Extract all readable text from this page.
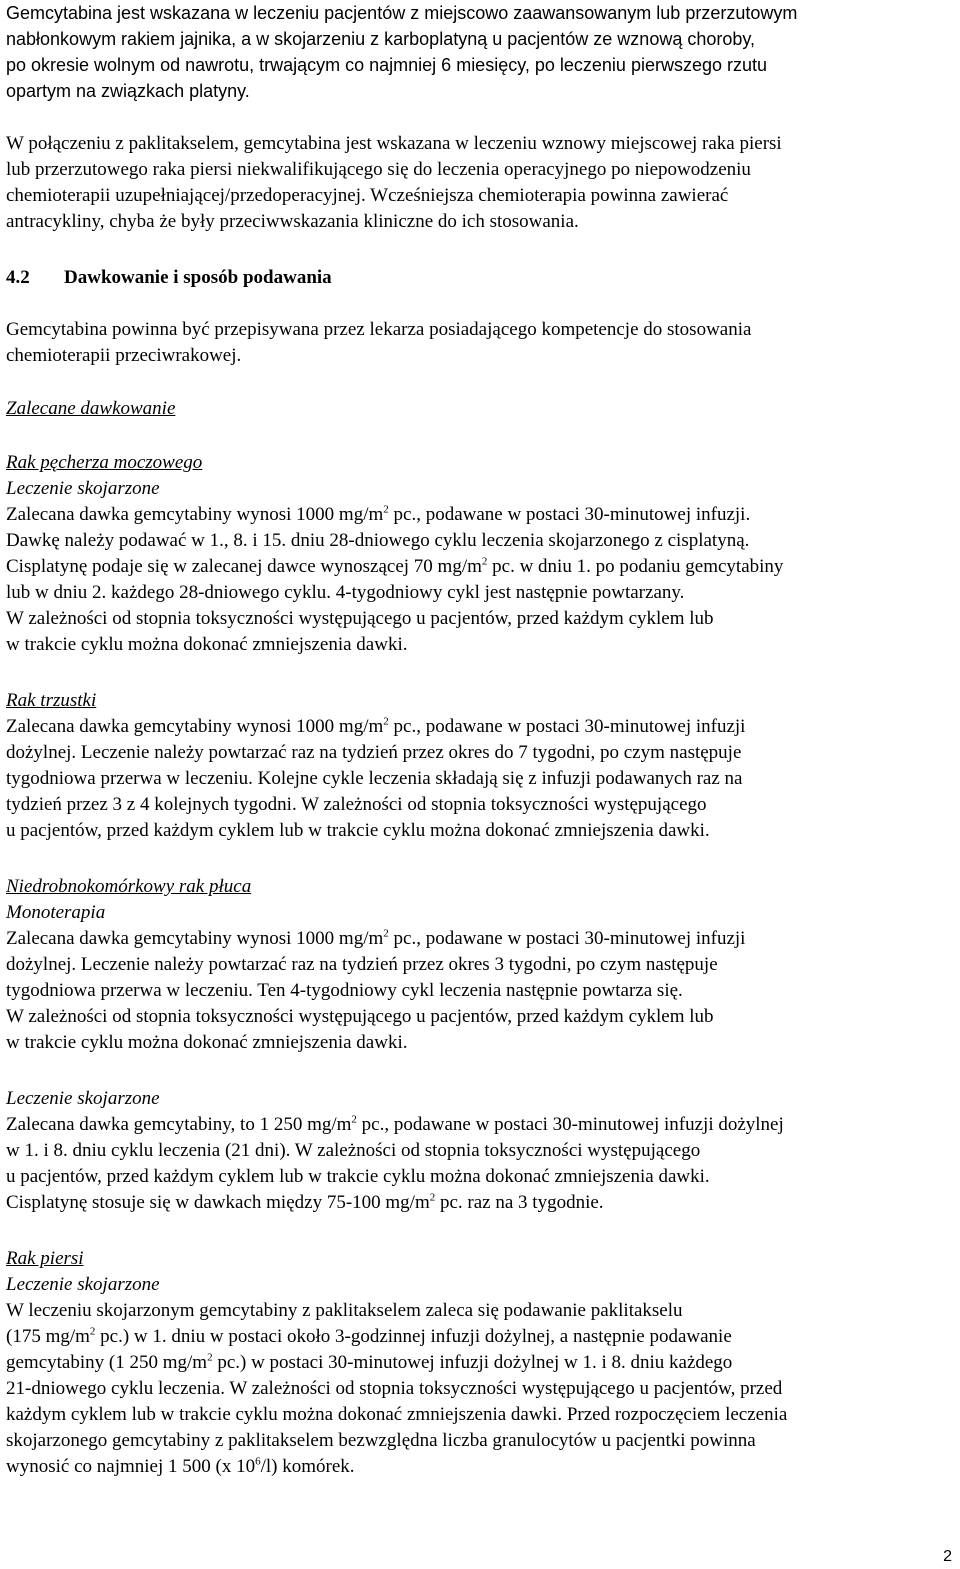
Gemcytabina jest wskazana w leczeniu pacjentów z miejscowo zaawansowanym lub przerzutowym
nabłonkowym rakiem jajnika, a w skojarzeniu z karboplatyną u pacjentów ze wznową choroby,
po okresie wolnym od nawrotu, trwającym co najmniej 6 miesięcy, po leczeniu pierwszego rzutu
opartym na związkach platyny.
W połączeniu z paklitakselem, gemcytabina jest wskazana w leczeniu wznowy miejscowej raka piersi
lub przerzutowego raka piersi niekwalifikującego się do leczenia operacyjnego po niepowodzeniu
chemioterapii uzupełniającej/przedoperacyjnej. Wcześniejsza chemioterapia powinna zawierać
antracykliny, chyba że były przeciwwskazania kliniczne do ich stosowania.
4.2 Dawkowanie i sposób podawania
Gemcytabina powinna być przepisywana przez lekarza posiadającego kompetencje do stosowania
chemioterapii przeciwrakowej.
Zalecane dawkowanie
Rak pęcherza moczowego
Leczenie skojarzone
Zalecana dawka gemcytabiny wynosi 1000 $mg/m^2$ pc., podawane w postaci 30-minutowej infuzji.
Dawkę należy podawać w 1., 8. i 15. dniu 28-dniowego cyklu leczenia skojarzonego z cisplatyną.
Cisplatynę podaje się w zalecanej dawce wynoszącej 70 $mg/m^2$ pc. w dniu 1. po podaniu gemcytabiny
lub w dniu 2. każdego 28-dniowego cyklu. 4-tygodniowy cykl jest następnie powtarzany.
W zależności od stopnia toksyczności występującego u pacjentów, przed każdym cyklem lub
w trakcie cyklu można dokonać zmniejszenia dawki.
Rak trzustki
Zalecana dawka gemcytabiny wynosi 1000 $mg/m^2$ pc., podawane w postaci 30-minutowej infuzji
dożylnej. Leczenie należy powtarzać raz na tydzień przez okres do 7 tygodni, po czym następuje
tygodniowa przerwa w leczeniu. Kolejne cykle leczenia składają się z infuzji podawanych raz na
tydzień przez 3 z 4 kolejnych tygodni. W zależności od stopnia toksyczności występującego
u pacjentów, przed każdym cyklem lub w trakcie cyklu można dokonać zmniejszenia dawki.
Niedrobnokomórkowy rak płuca
Monoterapia
Zalecana dawka gemcytabiny wynosi 1000 $mg/m^2$ pc., podawane w postaci 30-minutowej infuzji
dożylnej. Leczenie należy powtarzać raz na tydzień przez okres 3 tygodni, po czym następuje
tygodniowa przerwa w leczeniu. Ten 4-tygodniowy cykl leczenia następnie powtarza się.
W zależności od stopnia toksyczności występującego u pacjentów, przed każdym cyklem lub
w trakcie cyklu można dokonać zmniejszenia dawki.
Leczenie skojarzone
Zalecana dawka gemcytabiny, to 1 250 $mg/m^2$ pc., podawane w postaci 30-minutowej infuzji dożylnej
w 1. i 8. dniu cyklu leczenia (21 dni). W zależności od stopnia toksyczności występującego
u pacjentów, przed każdym cyklem lub w trakcie cyklu można dokonać zmniejszenia dawki.
Cisplatynę stosuje się w dawkach między 75-100 $mg/m^2$ pc. raz na 3 tygodnie.
Rak piersi
Leczenie skojarzone
W leczeniu skojarzonym gemcytabiny z paklitakselem zaleca się podawanie paklitakselu
(175 $mg/m^2$ pc.) w 1. dniu w postaci około 3-godzinnej infuzji dożylnej, a następnie podawanie
gemcytabiny (1 250 $mg/m^2$ pc.) w postaci 30-minutowej infuzji dożylnej w 1. i 8. dniu każdego
21-dniowego cyklu leczenia. W zależności od stopnia toksyczności występującego u pacjentów, przed
każdym cyklem lub w trakcie cyklu można dokonać zmniejszenia dawki. Przed rozpoczęciem leczenia
skojarzonego gemcytabiny z paklitakselem bezwzględna liczba granulocytów u pacjentki powinna
wynosić co najmniej 1 500 (x $10^6/l$) komórek.
2
